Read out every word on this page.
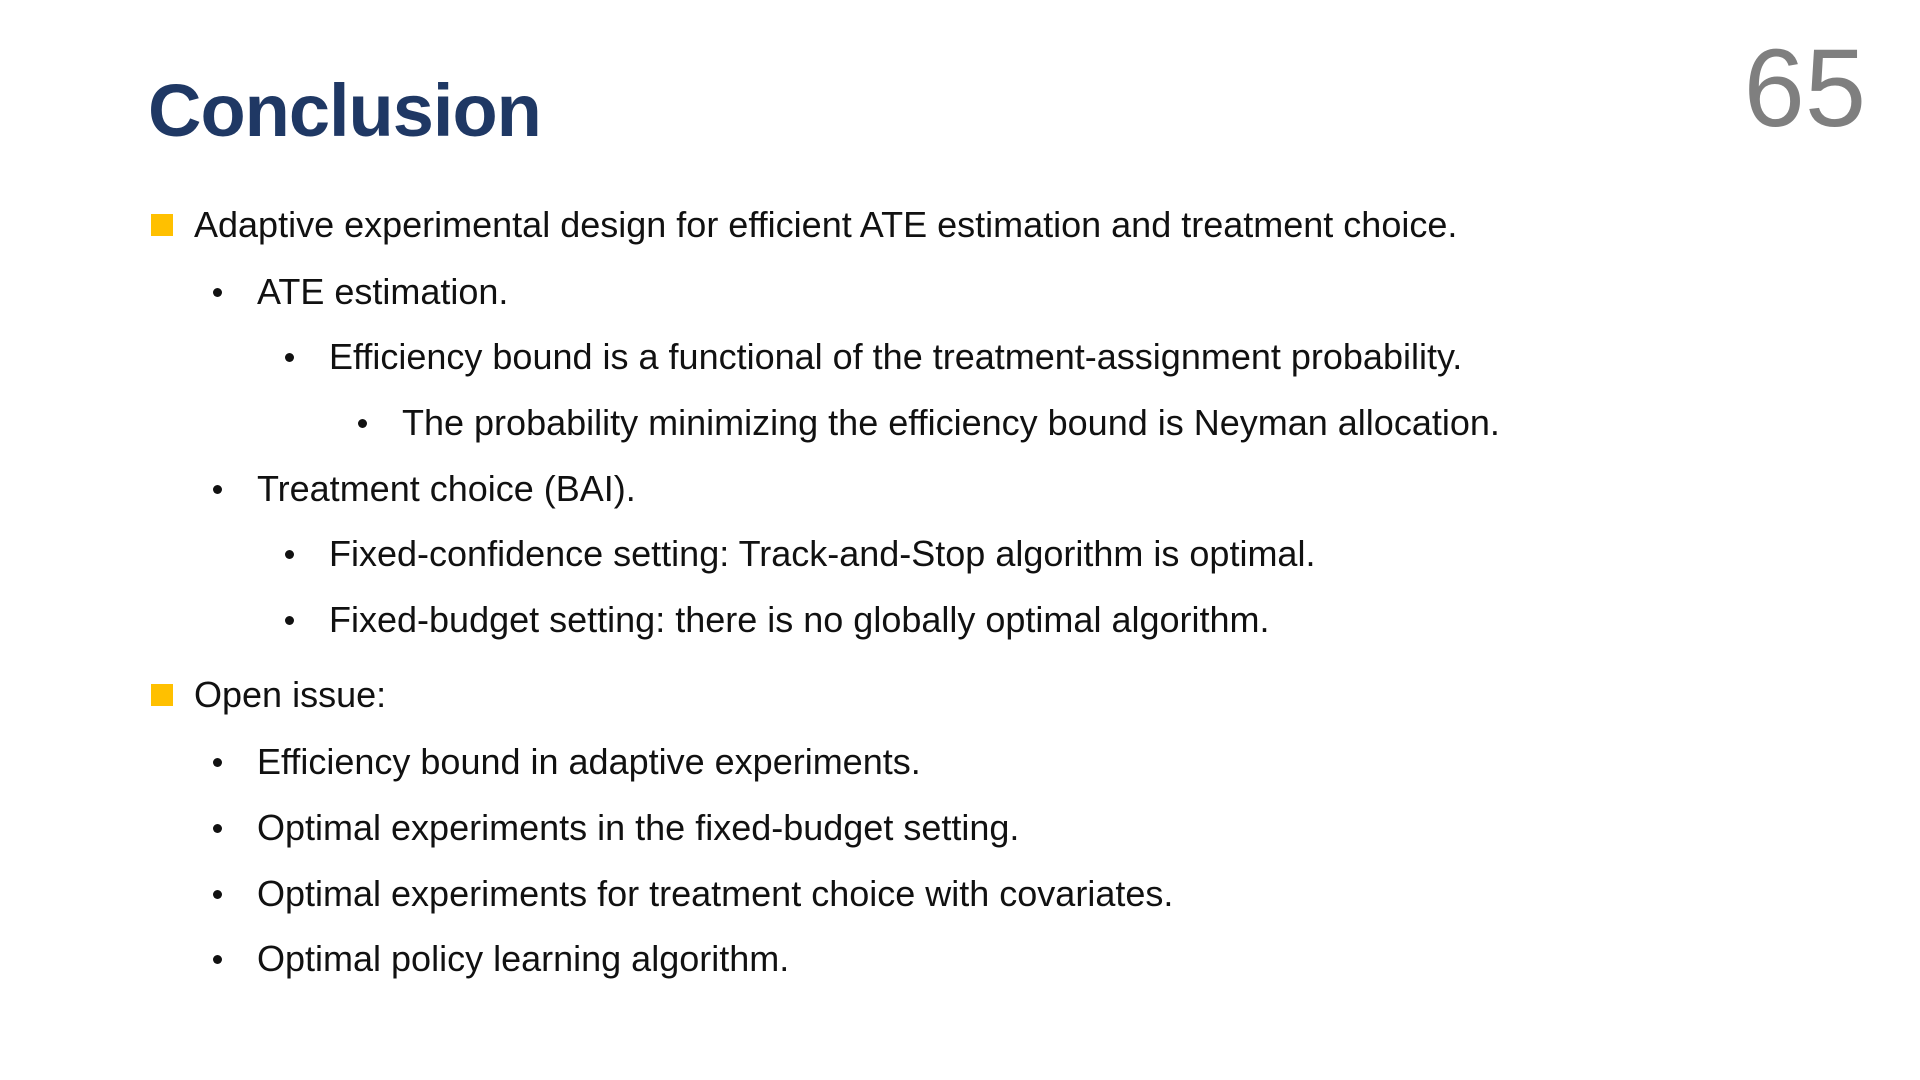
Conclusion	65
Adaptive experimental design for efficient ATE estimation and treatment choice.
ATE estimation.
Efficiency bound is a functional of the treatment-assignment probability.
The probability minimizing the efficiency bound is Neyman allocation.
Treatment choice (BAI).
Fixed-confidence setting: Track-and-Stop algorithm is optimal.
Fixed-budget setting: there is no globally optimal algorithm.
Open issue:
Efficiency bound in adaptive experiments.
Optimal experiments in the fixed-budget setting.
Optimal experiments for treatment choice with covariates.
Optimal policy learning algorithm.
